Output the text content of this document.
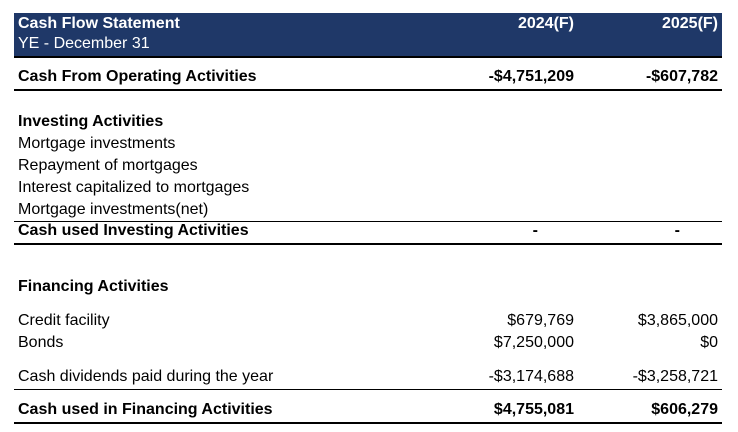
Cash Flow Statement
YE - December 31
2024(F)	2025(F)
Cash From Operating Activities	-$4,751,209	-$607,782
Investing Activities
Mortgage investments
Repayment of mortgages
Interest capitalized to mortgages
Mortgage investments(net)
Cash used Investing Activities	-	-
Financing Activities
Credit facility	$679,769	$3,865,000
Bonds	$7,250,000	$0
Cash dividends paid during the year	-$3,174,688	-$3,258,721
Cash used in Financing Activities	$4,755,081	$606,279
